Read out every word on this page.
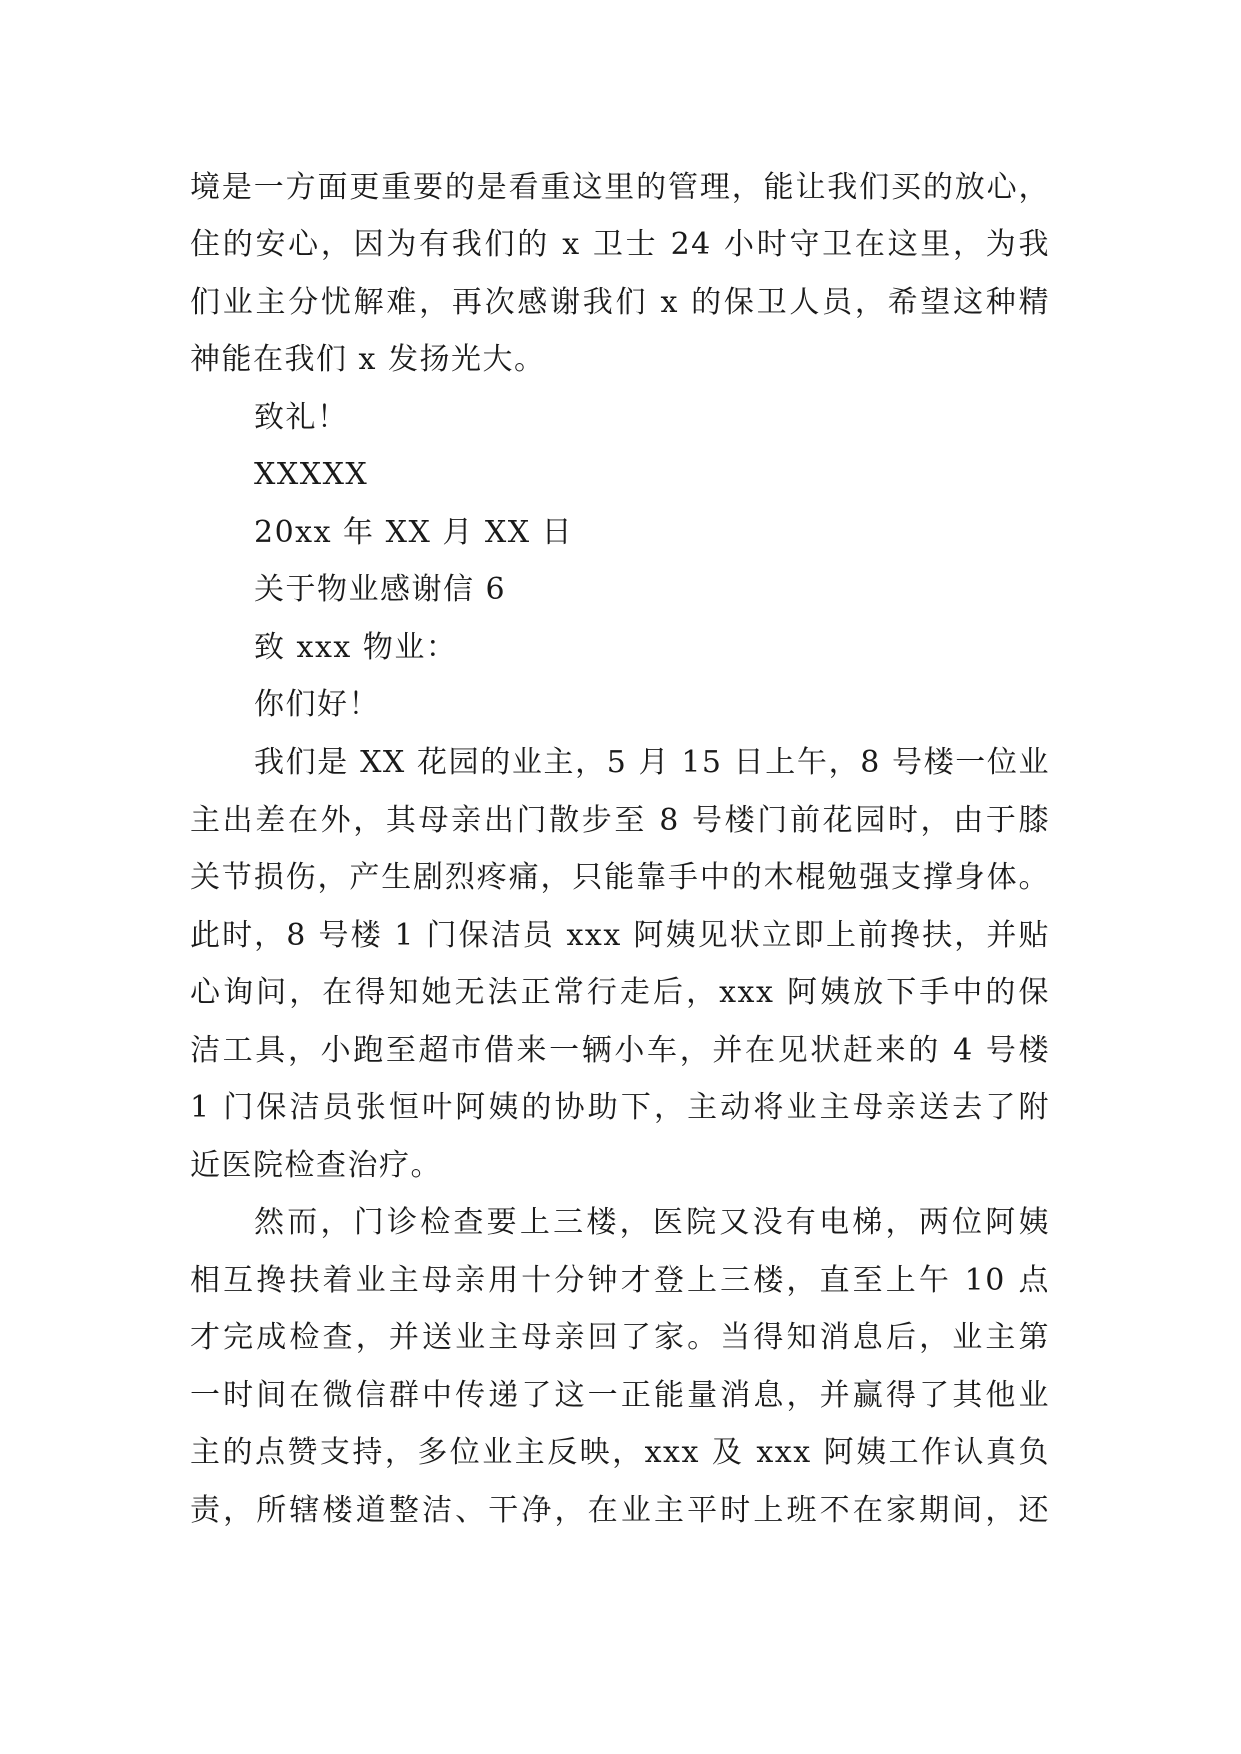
境是一方面更重要的是看重这里的管理，能让我们买的放心，
住的安心，因为有我们的 x 卫士 24 小时守卫在这里，为我
们业主分忧解难，再次感谢我们 x 的保卫人员，希望这种精
神能在我们 x 发扬光大。
致礼！
XXXXX
20xx 年 XX 月 XX 日
关于物业感谢信 6
致 xxx 物业：
你们好！
我们是 XX 花园的业主，5 月 15 日上午，8 号楼一位业
主出差在外，其母亲出门散步至 8 号楼门前花园时，由于膝
关节损伤，产生剧烈疼痛，只能靠手中的木棍勉强支撑身体。
此时，8 号楼 1 门保洁员 xxx 阿姨见状立即上前搀扶，并贴
心询问，在得知她无法正常行走后，xxx 阿姨放下手中的保
洁工具，小跑至超市借来一辆小车，并在见状赶来的 4 号楼
1 门保洁员张恒叶阿姨的协助下，主动将业主母亲送去了附
近医院检查治疗。
然而，门诊检查要上三楼，医院又没有电梯，两位阿姨
相互搀扶着业主母亲用十分钟才登上三楼，直至上午 10 点
才完成检查，并送业主母亲回了家。当得知消息后，业主第
一时间在微信群中传递了这一正能量消息，并赢得了其他业
主的点赞支持，多位业主反映，xxx 及 xxx 阿姨工作认真负
责，所辖楼道整洁、干净，在业主平时上班不在家期间，还
